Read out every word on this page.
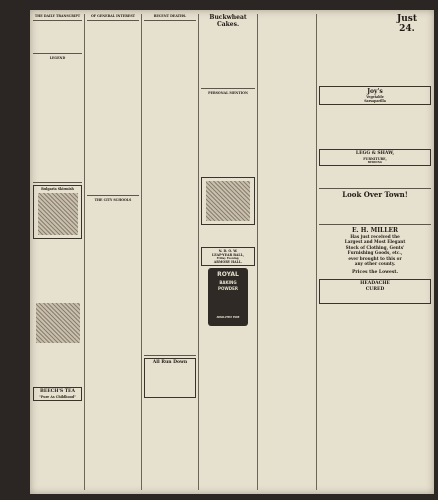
THE DAILY TRANSCRIPT
LEGEND
Bulgaria Skirmish
BEECH'S TEA
"Pure As Childhood"
OF GENERAL INTEREST
THE CITY SCHOOLS
RECENT DEATHS.
All Run Down
Buckwheat Cakes.
PERSONAL MENTION
N. D. O. W.
LEAP-YEAR BALL,
Friday Evening,
ARMORY HALL.
ROYAL
BAKING
POWDER
ABSOLUTELY PURE
Just
24.
Joy's
Vegetable
Sarsaparilla
LEGG & SHAW,
FURNITURE,
BEDDING
Look Over Town!
E. H. MILLER
Has just received the
Largest and Most Elegant
Stock of Clothing, Gents'
Furnishing Goods, etc.,
ever brought to this or
any other county.
Prices the Lowest.
HEADACHE
CURED
